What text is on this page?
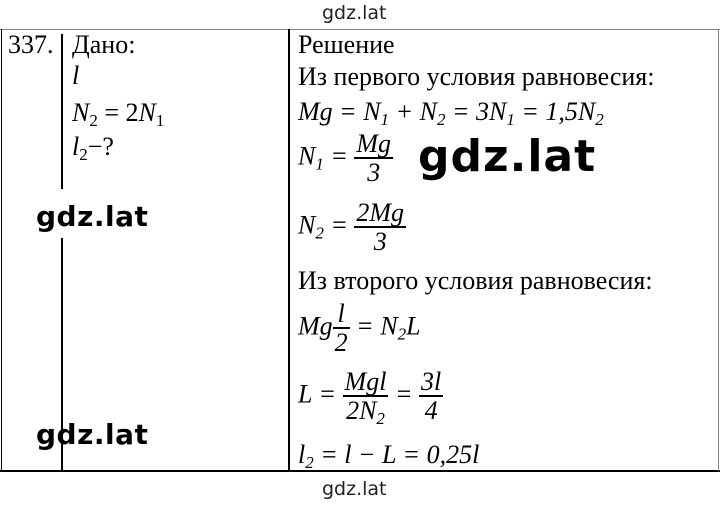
gdz.lat
gdz.lat
gdz.lat
gdz.lat
gdz.lat
337. Дано:
l
$N_2 = 2N_1$
$l_2-$?
Решение
Из первого условия равновесия:
$Mg = N_1 + N_2 = 3N_1 = 1,5N_2$
$N_1 = \frac{Mg}{3}$
$N_2 = \frac{2Mg}{3}$
Из второго условия равновесия:
Mg $\frac{l}{2} = N_2L$
$L = \frac{\text{Mgl}}{2N_2} = \frac{3l}{4}$
$l_2 = l - L = 0,25l$
